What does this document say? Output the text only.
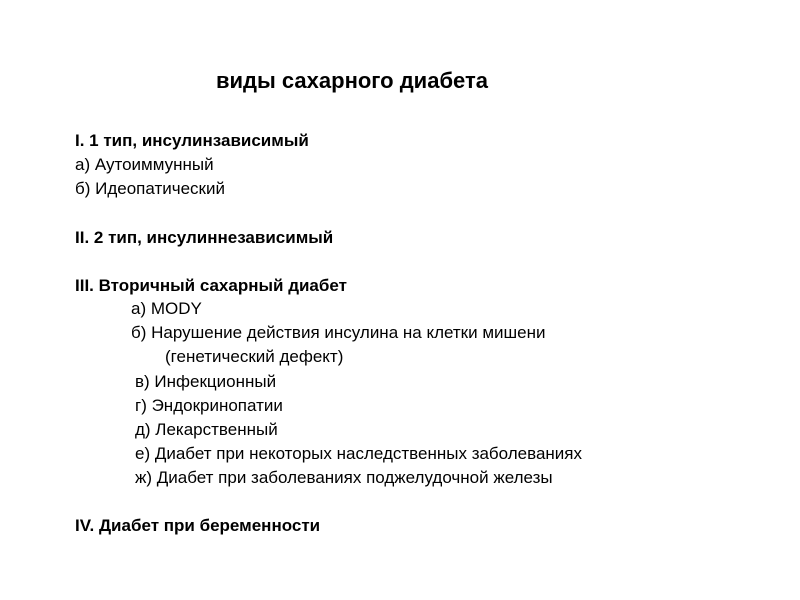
виды сахарного диабета
I. 1 тип, инсулинзависимый
а) Аутоиммунный
б) Идеопатический
II. 2 тип, инсулиннезависимый
III. Вторичный сахарный диабет
а) MODY
б) Нарушение действия инсулина на клетки мишени
(генетический дефект)
в) Инфекционный
г) Эндокринопатии
д) Лекарственный
е) Диабет при некоторых наследственных заболеваниях
ж) Диабет при заболеваниях поджелудочной железы
IV. Диабет при беременности
